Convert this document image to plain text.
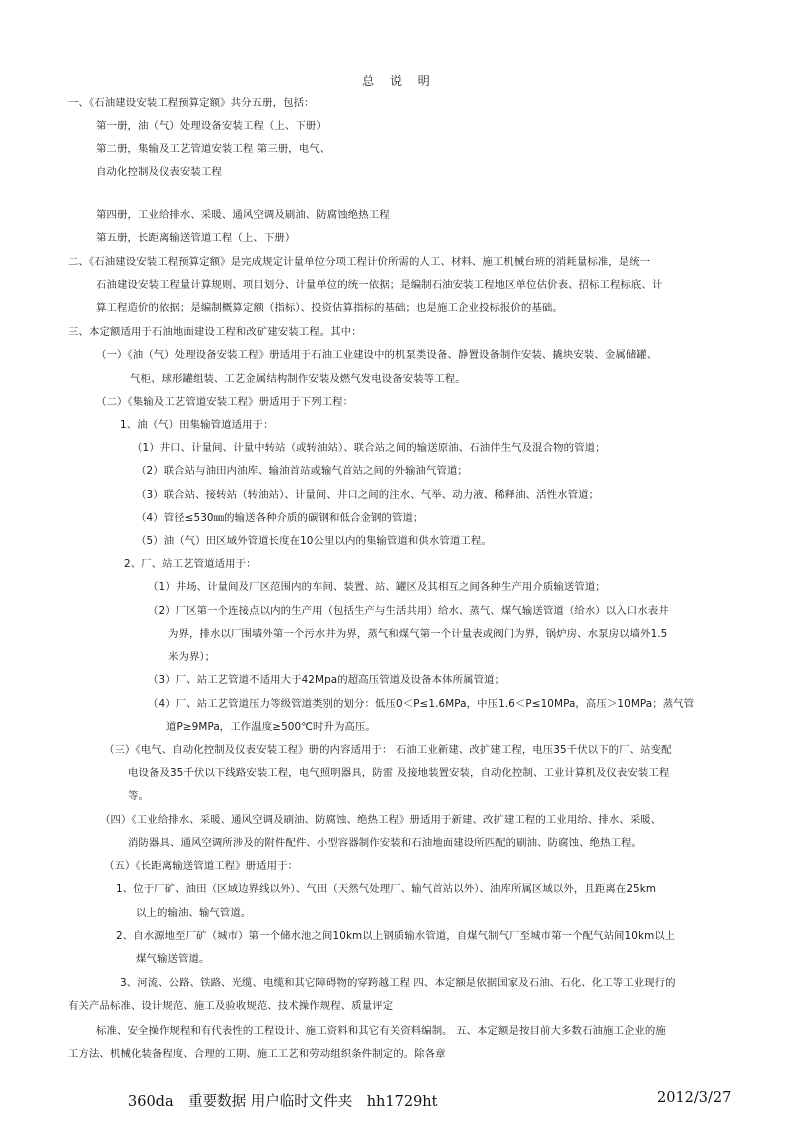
总 说 明
一、《石油建设安装工程预算定额》共分五册，包括：
第一册，油（气）处理设备安装工程（上、下册）
第二册，集输及工艺管道安装工程 第三册，电气、
自动化控制及仪表安装工程
第四册，工业给排水、采暖、通风空调及刷油、防腐蚀绝热工程
第五册，长距离输送管道工程（上、下册）
二、《石油建设安装工程预算定额》是完成规定计量单位分项工程计价所需的人工、材料、施工机械台班的消耗量标准，是统一
石油建设安装工程量计算规则、项目划分、计量单位的统一依据；是编制石油安装工程地区单位估价表、招标工程标底、计
算工程造价的依据；是编制概算定额（指标）、投资估算指标的基础；也是施工企业投标报价的基础。
三、本定额适用于石油地面建设工程和改矿建安装工程。其中：
（一）《油（气）处理设备安装工程》册适用于石油工业建设中的机泵类设备、静置设备制作安装、撬块安装、金属储罐、
气柜、球形罐组装、工艺金属结构制作安装及燃气发电设备安装等工程。
（二）《集输及工艺管道安装工程》册适用于下列工程：
1、油（气）田集输管道适用于：
（1）井口、计量间、计量中转站（或转油站）、联合站之间的输送原油、石油伴生气及混合物的管道；
（2）联合站与油田内油库、输油首站或输气首站之间的外输油气管道；
（3）联合站、接转站（转油站）、计量间、井口之间的注水、气举、动力液、稀释油、活性水管道；
（4）管径≤530㎜的输送各种介质的碳钢和低合金钢的管道；
（5）油（气）田区域外管道长度在10公里以内的集输管道和供水管道工程。
2、厂、站工艺管道适用于：
（1）井场、计量间及厂区范围内的车间、装置、站、罐区及其相互之间各种生产用介质输送管道；
（2）厂区第一个连接点以内的生产用（包括生产与生活共用）给水、蒸气、煤气输送管道（给水）以入口水表井
为界，排水以厂围墙外第一个污水井为界，蒸气和煤气第一个计量表或阀门为界，锅炉房、水泵房以墙外1.5
米为界）；
（3）厂、站工艺管道不适用大于42Mpa的超高压管道及设备本体所属管道；
（4）厂、站工艺管道压力等级管道类别的划分：低压0＜P≤1.6MPa，中压1.6＜P≤10MPa，高压＞10MPa；蒸气管
道P≥9MPa，工作温度≥500℃时升为高压。
（三）《电气、自动化控制及仪表安装工程》册的内容适用于： 石油工业新建、改扩建工程，电压35千伏以下的厂、站变配
电设备及35千伏以下线路安装工程，电气照明器具，防雷 及接地装置安装，自动化控制、工业计算机及仪表安装工程
等。
（四）《工业给排水、采暖、通风空调及刷油、防腐蚀、绝热工程》册适用于新建、改扩建工程的工业用给、排水、采暖、
消防器具、通风空调所涉及的附件配件、小型容器制作安装和石油地面建设所匹配的刷油、防腐蚀、绝热工程。
（五）《长距离输送管道工程》册适用于：
1、位于厂矿、油田（区域边界线以外）、气田（天然气处理厂、输气首站以外）、油库所属区域以外，且距离在25km
以上的输油、输气管道。
2、自水源地至厂矿（城市）第一个储水池之间10km以上钢质输水管道，自煤气制气厂至城市第一个配气站间10km以上
煤气输送管道。
3、河流、公路、铁路、光缆、电缆和其它障碍物的穿跨越工程 四、本定额是依据国家及石油、石化、化工等工业现行的
有关产品标准、设计规范、施工及验收规范、技术操作规程、质量评定
标准、安全操作规程和有代表性的工程设计、施工资料和其它有关资料编制。 五、本定额是按目前大多数石油施工企业的施
工方法、机械化装备程度、合理的工期、施工工艺和劳动组织条件制定的。除各章
360da　重要数据 用户临时文件夹　hh1729ht	2012/3/27
